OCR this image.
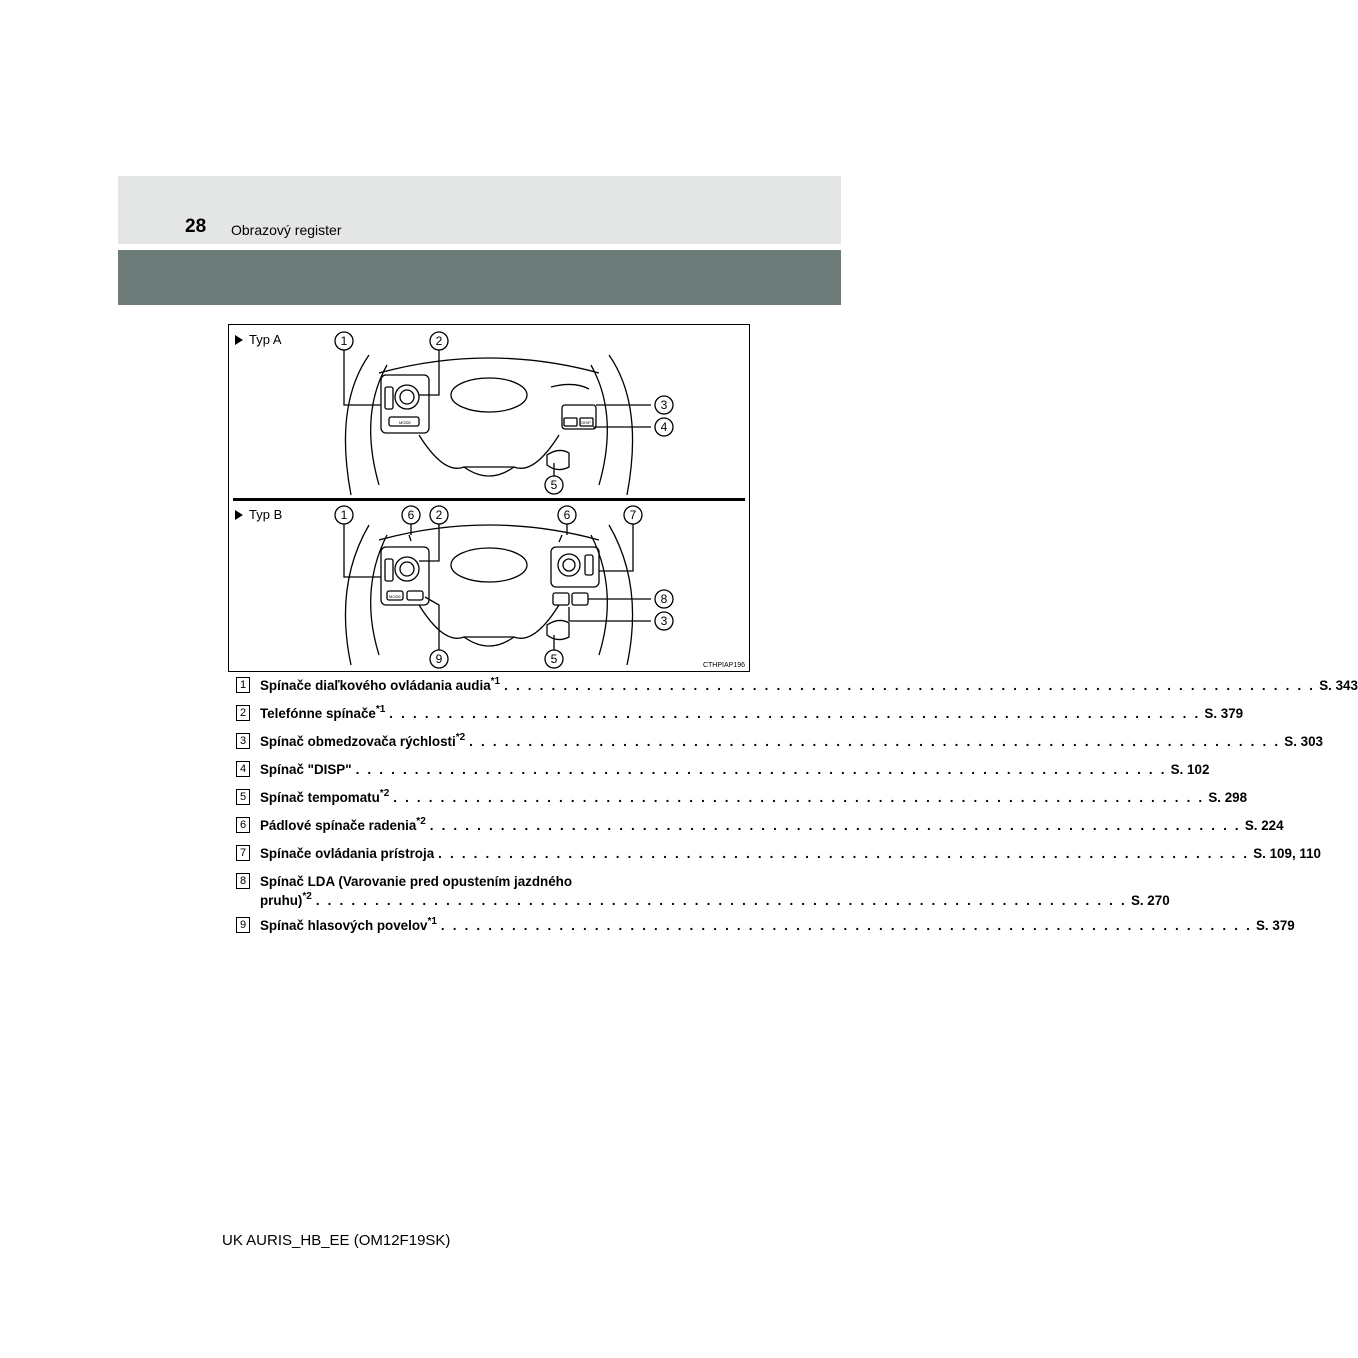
28 Obrazový register
1	2
3
4
5
MODE	DISP
Typ A
1	6 2	6	7
8
3
9	5
MODE
Typ B
CTHPIAP196
1 Spínače diaľkového ovládania audia$^{*1}$ . . .	S. 343
2 Telefónne spínače$^{*1}$ . . .	S. 379
3 Spínač obmedzovača rýchlosti$^{*2}$ . . .	S. 303
4 Spínač "DISP" . . .	S. 102
5 Spínač tempomatu$^{*2}$ . . .	S. 298
6 Pádlové spínače radenia$^{*2}$ . . .	S. 224
7 Spínače ovládania prístroja . . .	S. 109, 110
8 Spínač LDA (Varovanie pred opustením jazdného
pruhu)$^{*2}$ . . .	S. 270
9 Spínač hlasových povelov$^{*1}$ . . .	S. 379
UK AURIS_HB_EE (OM12F19SK)
